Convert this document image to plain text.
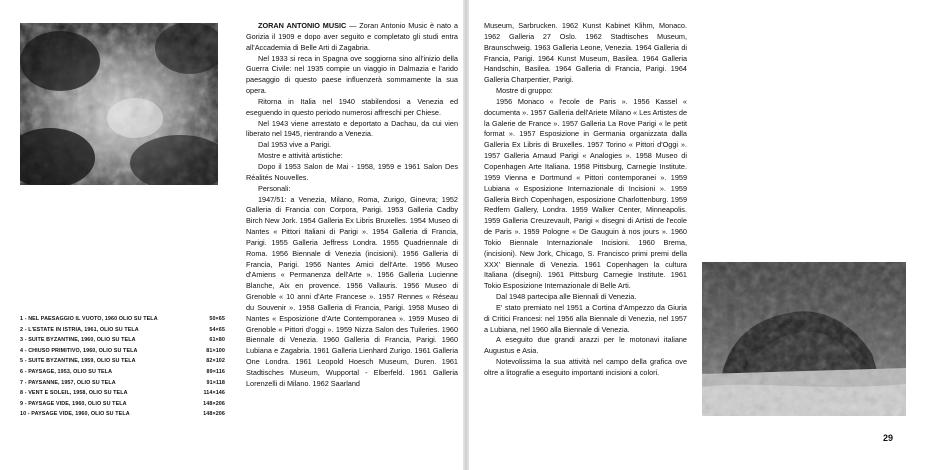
1 - NEL PAESAGGIO IL VUOTO, 1960 OLIO SU TELA	50×65
2 - L'ESTATE IN ISTRIA, 1961, OLIO SU TELA	54×65
3 - SUITE BYZANTINE, 1960, OLIO SU TELA	61×80
4 - CHIUSO PRIMITIVO, 1960, OLIO SU TELA	81×100
5 - SUITE BYZANTINE, 1959, OLIO SU TELA	82×102
6 - PAYSAGE, 1953, OLIO SU TELA	89×116
7 - PAYSANNE, 1957, OLIO SU TELA	91×118
8 - VENT E SOLEIL, 1958, OLIO SU TELA	114×146
9 - PAYSAGE VIDE, 1960, OLIO SU TELA	148×206
10 - PAYSAGE VIDE, 1960, OLIO SU TELA	148×206

ZORAN ANTONIO MUSIC — Zoran Antonio Music è nato a Gorizia il 1909 e dopo aver seguito e completato gli studi entra all'Accademia di Belle Arti di Zagabria.

Nel 1933 si reca in Spagna ove soggiorna sino all'inizio della Guerra Civile: nel 1935 compie un viaggio in Dalmazia e l'arido paesaggio di questo paese influenzerà sommamente la sua opera.

Ritorna in Italia nel 1940 stabilendosi a Venezia ed eseguendo in questo periodo numerosi affreschi per Chiese.

Nel 1943 viene arrestato e deportato a Dachau, da cui vien liberato nel 1945, rientrando a Venezia.

Dal 1953 vive a Parigi.

Mostre e attività artistiche:

Dopo il 1953 Salon de Mai - 1958, 1959 e 1961 Salon Des Réalités Nouvelles.

Personali:

1947/51: a Venezia, Milano, Roma, Zurigo, Ginevra; 1952 Galleria di Francia con Corpora, Parigi. 1953 Galleria Cadby Birch New Jork. 1954 Galleria Ex Libris Bruxelles. 1954 Museo di Nantes « Pittori Italiani di Parigi ». 1954 Galleria di Francia, Parigi. 1955 Galleria Jeffress Londra. 1955 Quadriennale di Roma. 1956 Biennale di Venezia (incisioni). 1956 Galleria di Francia, Parigi. 1956 Nantes Amici dell'Arte. 1956 Museo d'Amiens « Permanenza dell'Arte ». 1956 Galleria Lucienne Blanche, Aix en provence. 1956 Vallauris. 1956 Museo di Grenoble « 10 anni d'Arte Francese ». 1957 Rennes « Réseau du Souvenir ». 1958 Galleria di Francia, Parigi. 1958 Museo di Nantes « Esposizione d'Arte Contemporanea ». 1959 Museo di Grenoble « Pittori d'oggi ». 1959 Nizza Salon des Tuileries. 1960 Biennale di Venezia. 1960 Galleria di Francia, Parigi. 1960 Lubiana e Zagabria. 1961 Galleria Lienhard Zurigo. 1961 Galleria One Londra. 1961 Leopold Hoesch Museum, Duren. 1961 Stadtisches Museum, Wupportal - Elberfeld. 1961 Galleria Lorenzelli di Milano. 1962 Saarland

Museum, Sarbrucken. 1962 Kunst Kabinet Klihm, Monaco. 1962 Galleria 27 Oslo. 1962 Stadtisches Museum, Braunschweig. 1963 Galleria Leone, Venezia. 1964 Galleria di Francia, Parigi. 1964 Kunst Museum, Basilea. 1964 Galleria Handschin, Basilea. 1964 Galleria di Francia, Parigi. 1964 Galleria Charpentier, Parigi.

Mostre di gruppo:

1956 Monaco « l'ecole de Paris ». 1956 Kassel « documenta ». 1957 Galleria dell'Ariete Milano « Les Artistes de la Galerie de France ». 1957 Galleria La Rove Parigi « le petit format ». 1957 Esposizione in Germania organizzata dalla Galleria Ex Libris di Bruxelles. 1957 Torino « Pittori d'Oggi ». 1957 Galleria Arnaud Parigi « Analogies ». 1958 Museo di Copenhagen Arte Italiana. 1958 Pittsburg, Carnegie Institute. 1959 Vienna e Dortmund « Pittori contemporanei ». 1959 Lubiana « Esposizione Internazionale di Incisioni ». 1959 Galleria Birch Copenhagen, esposizione Charlottenburg. 1959 Redfern Gallery, Londra. 1959 Walker Center, Minneapolis. 1959 Galleria Creuzevault, Parigi « disegni di Artisti de l'ecole de Paris ». 1959 Pologne « De Gauguin à nos jours ». 1960 Tokio Biennale Internazionale Incisioni. 1960 Brema, (incisioni). New Jork, Chicago, S. Francisco primi premi della XXX' Biennale di Venezia. 1961 Copenhagen la cultura Italiana (disegni). 1961 Pittsburg Carnegie Institute. 1961 Tokio Esposizione Internazionale di Belle Arti.

Dal 1948 partecipa alle Biennali di Venezia.

E' stato premiato nel 1951 a Cortina d'Ampezzo da Giuria di Critici Francesi: nel 1956 alla Biennale di Venezia, nel 1957 a Lubiana, nel 1960 alla Biennale di Venezia.

A eseguito due grandi arazzi per le motonavi italiane Augustus e Asia.

Notevolissima la sua attività nel campo della grafica ove oltre a litografie a eseguito importanti incisioni a colori.

29
